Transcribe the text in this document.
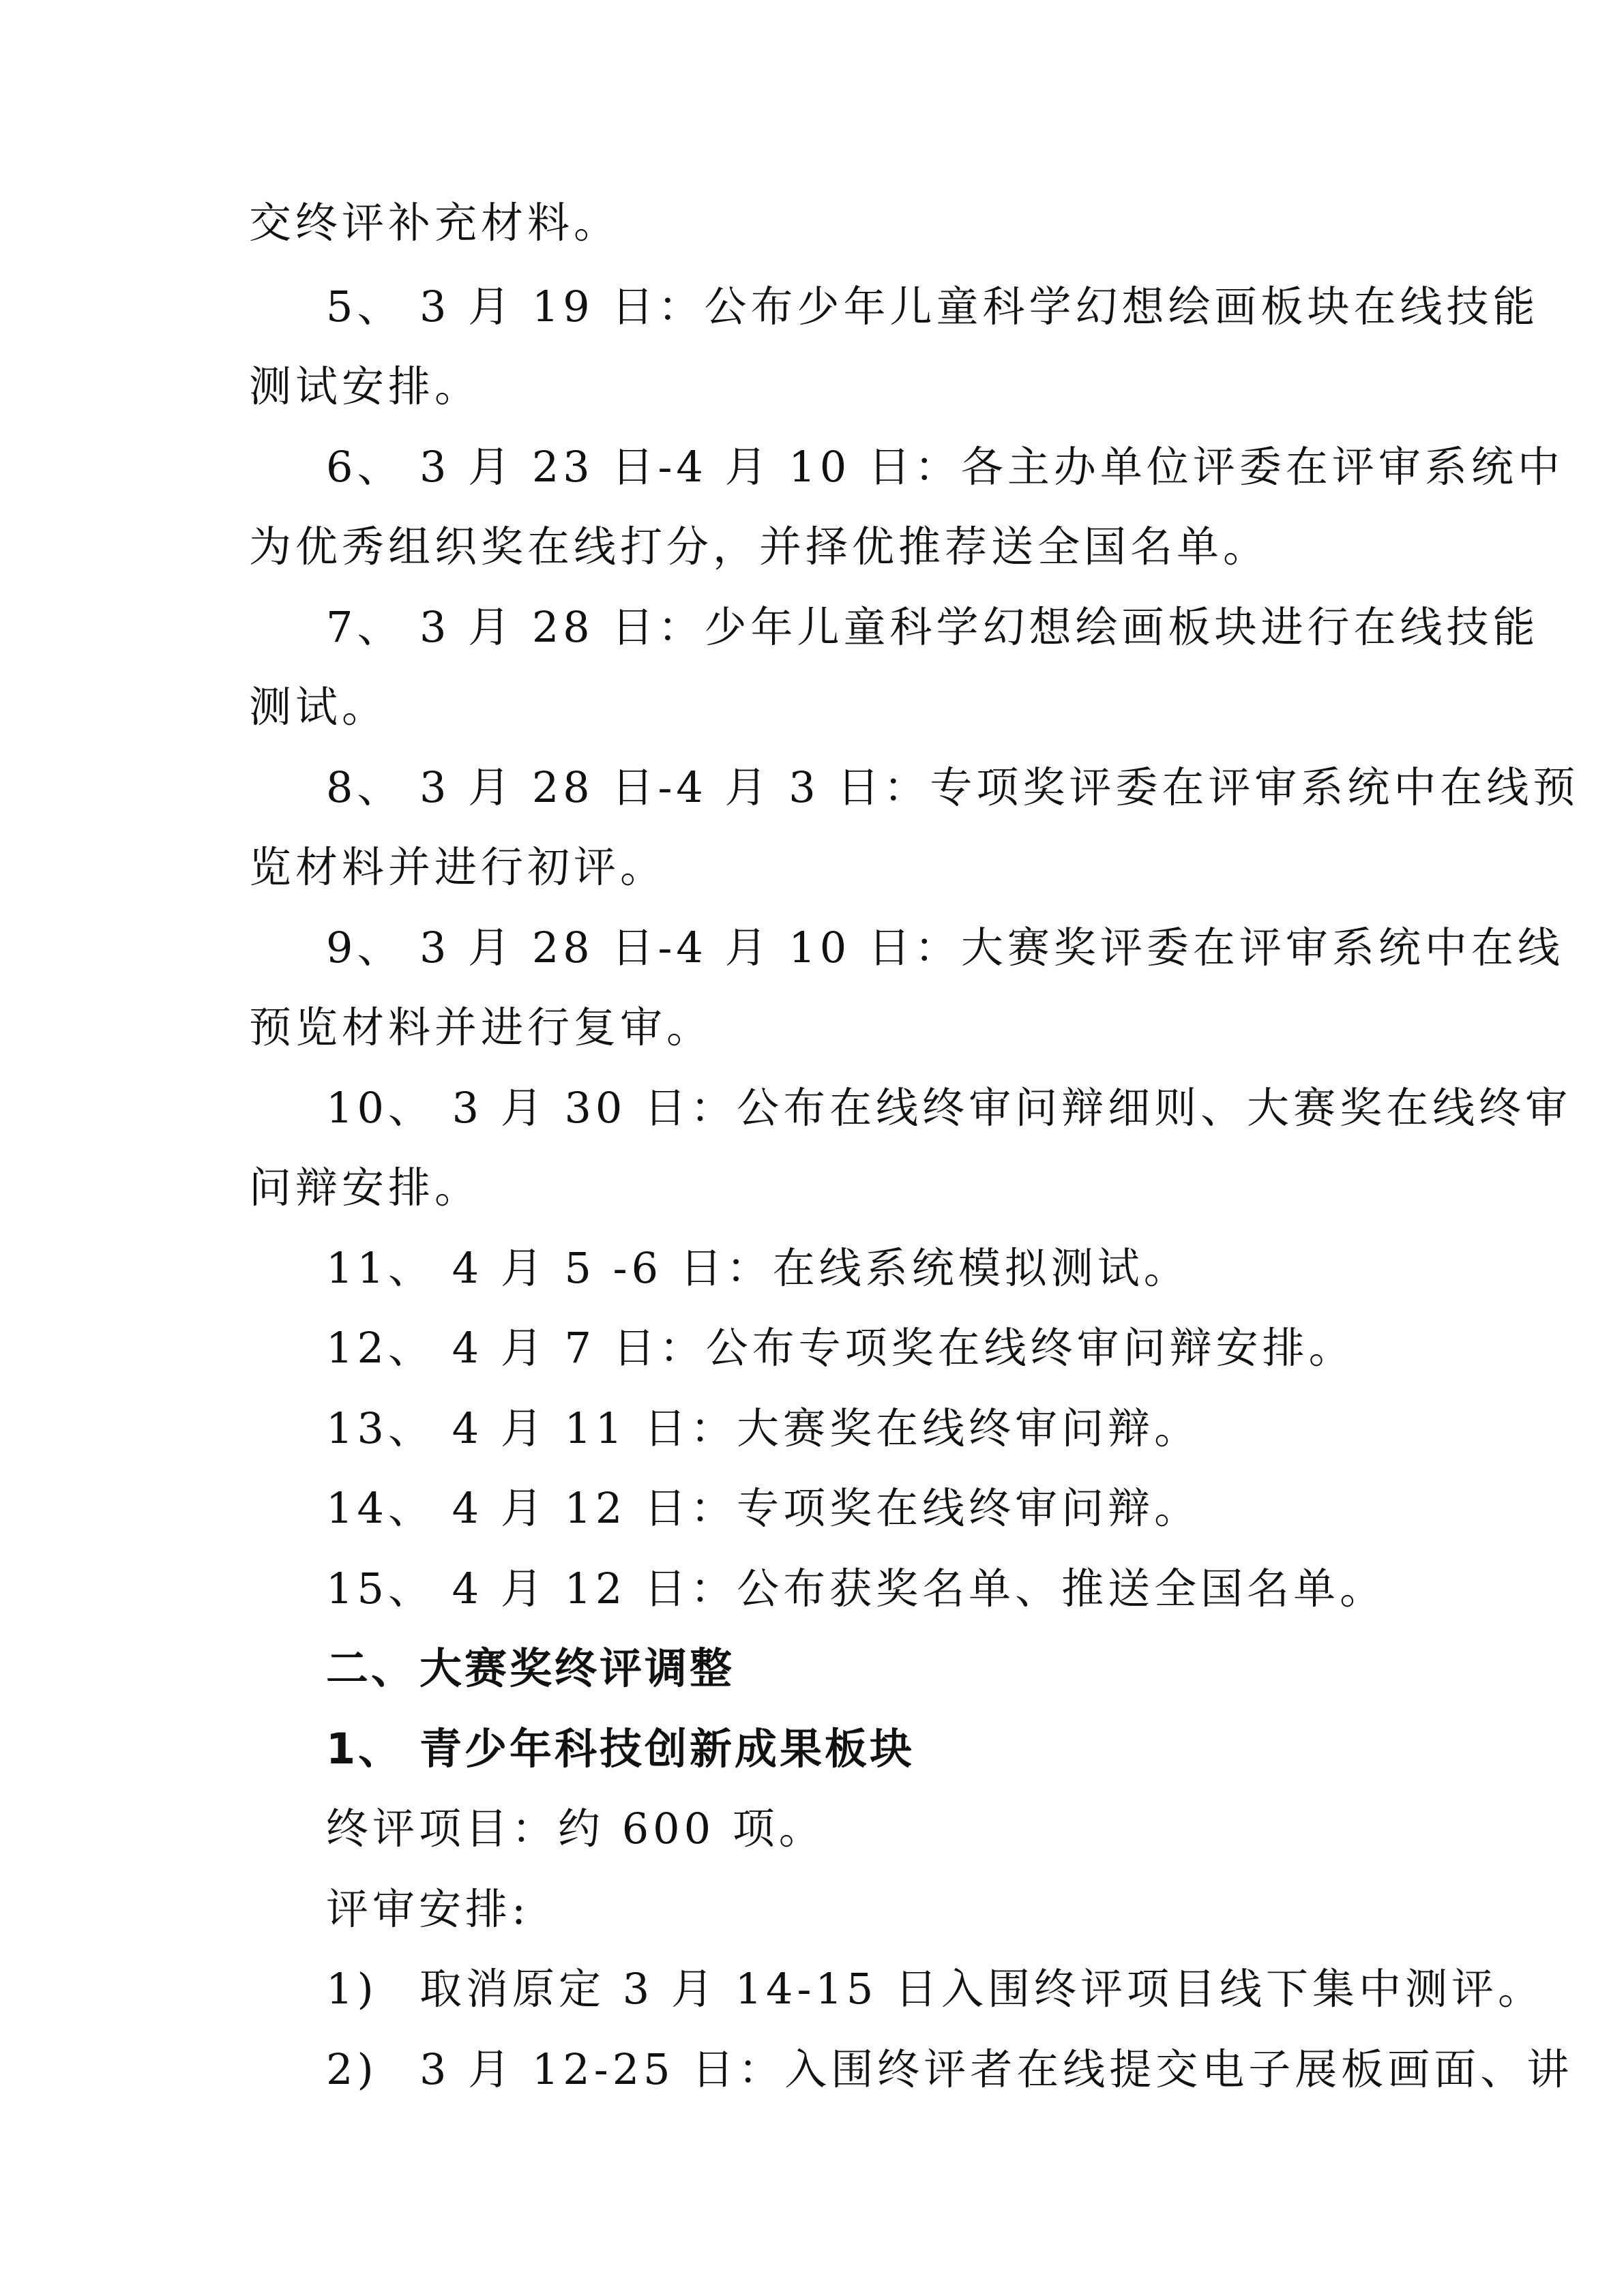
交终评补充材料。
5、 3 月 19 日：公布少年儿童科学幻想绘画板块在线技能
测试安排。
6、 3 月 23 日-4 月 10 日：各主办单位评委在评审系统中
为优秀组织奖在线打分，并择优推荐送全国名单。
7、 3 月 28 日：少年儿童科学幻想绘画板块进行在线技能
测试。
8、 3 月 28 日-4 月 3 日：专项奖评委在评审系统中在线预
览材料并进行初评。
9、 3 月 28 日-4 月 10 日：大赛奖评委在评审系统中在线
预览材料并进行复审。
10、 3 月 30 日：公布在线终审问辩细则、大赛奖在线终审
问辩安排。
11、 4 月 5 -6 日：在线系统模拟测试。
12、 4 月 7 日：公布专项奖在线终审问辩安排。
13、 4 月 11 日：大赛奖在线终审问辩。
14、 4 月 12 日：专项奖在线终审问辩。
15、 4 月 12 日：公布获奖名单、推送全国名单。
二、 大赛奖终评调整
1、 青少年科技创新成果板块
终评项目：约 600 项。
评审安排:
1) 取消原定 3 月 14-15 日入围终评项目线下集中测评。
2) 3 月 12-25 日：入围终评者在线提交电子展板画面、讲
